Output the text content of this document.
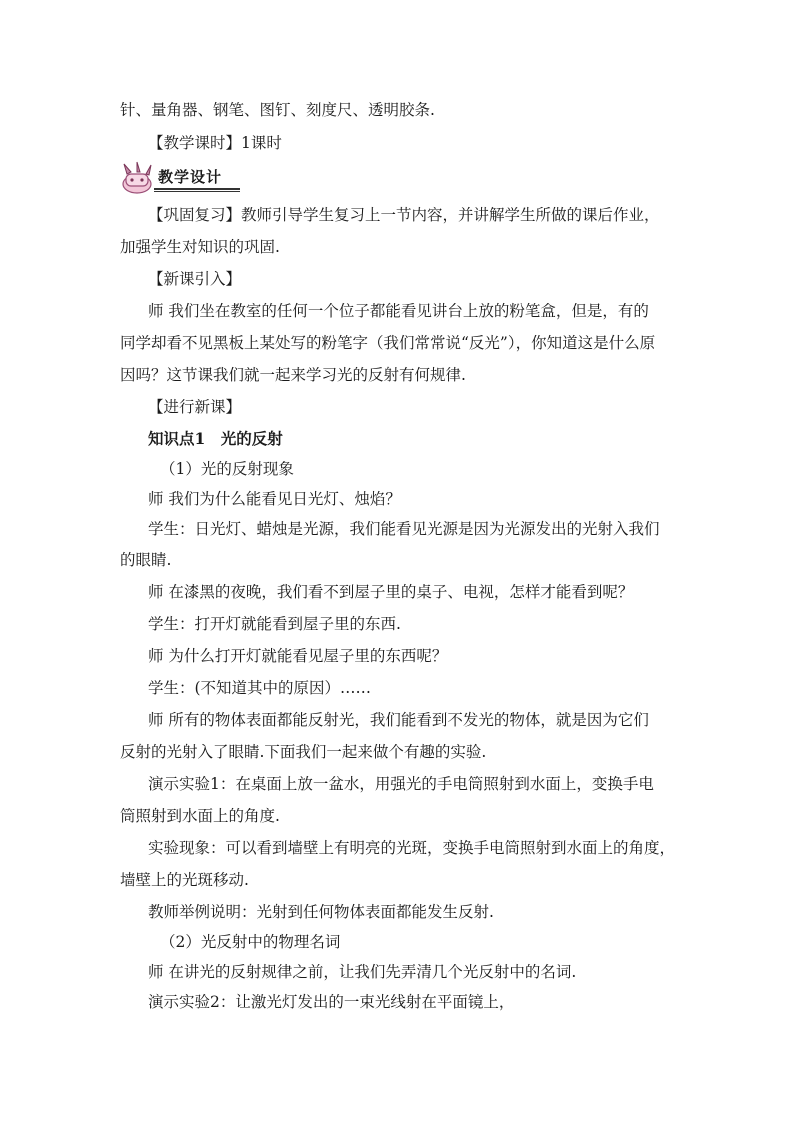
针、量角器、钢笔、图钉、刻度尺、透明胶条.
【教学课时】1课时
教学设计
【巩固复习】教师引导学生复习上一节内容，并讲解学生所做的课后作业，
加强学生对知识的巩固.
【新课引入】
师 我们坐在教室的任何一个位子都能看见讲台上放的粉笔盒，但是，有的
同学却看不见黑板上某处写的粉笔字（我们常常说“反光”），你知道这是什么原
因吗？这节课我们就一起来学习光的反射有何规律.
【进行新课】
知识点1　光的反射
（1）光的反射现象
师 我们为什么能看见日光灯、烛焰？
学生：日光灯、蜡烛是光源，我们能看见光源是因为光源发出的光射入我们
的眼睛.
师 在漆黑的夜晚，我们看不到屋子里的桌子、电视，怎样才能看到呢？
学生：打开灯就能看到屋子里的东西.
师 为什么打开灯就能看见屋子里的东西呢？
学生：(不知道其中的原因）……
师 所有的物体表面都能反射光，我们能看到不发光的物体，就是因为它们
反射的光射入了眼睛.下面我们一起来做个有趣的实验.
演示实验1：在桌面上放一盆水，用强光的手电筒照射到水面上，变换手电
筒照射到水面上的角度.
实验现象：可以看到墙壁上有明亮的光斑，变换手电筒照射到水面上的角度，
墙壁上的光斑移动.
教师举例说明：光射到任何物体表面都能发生反射.
（2）光反射中的物理名词
师 在讲光的反射规律之前，让我们先弄清几个光反射中的名词.
演示实验2：让激光灯发出的一束光线射在平面镜上，
